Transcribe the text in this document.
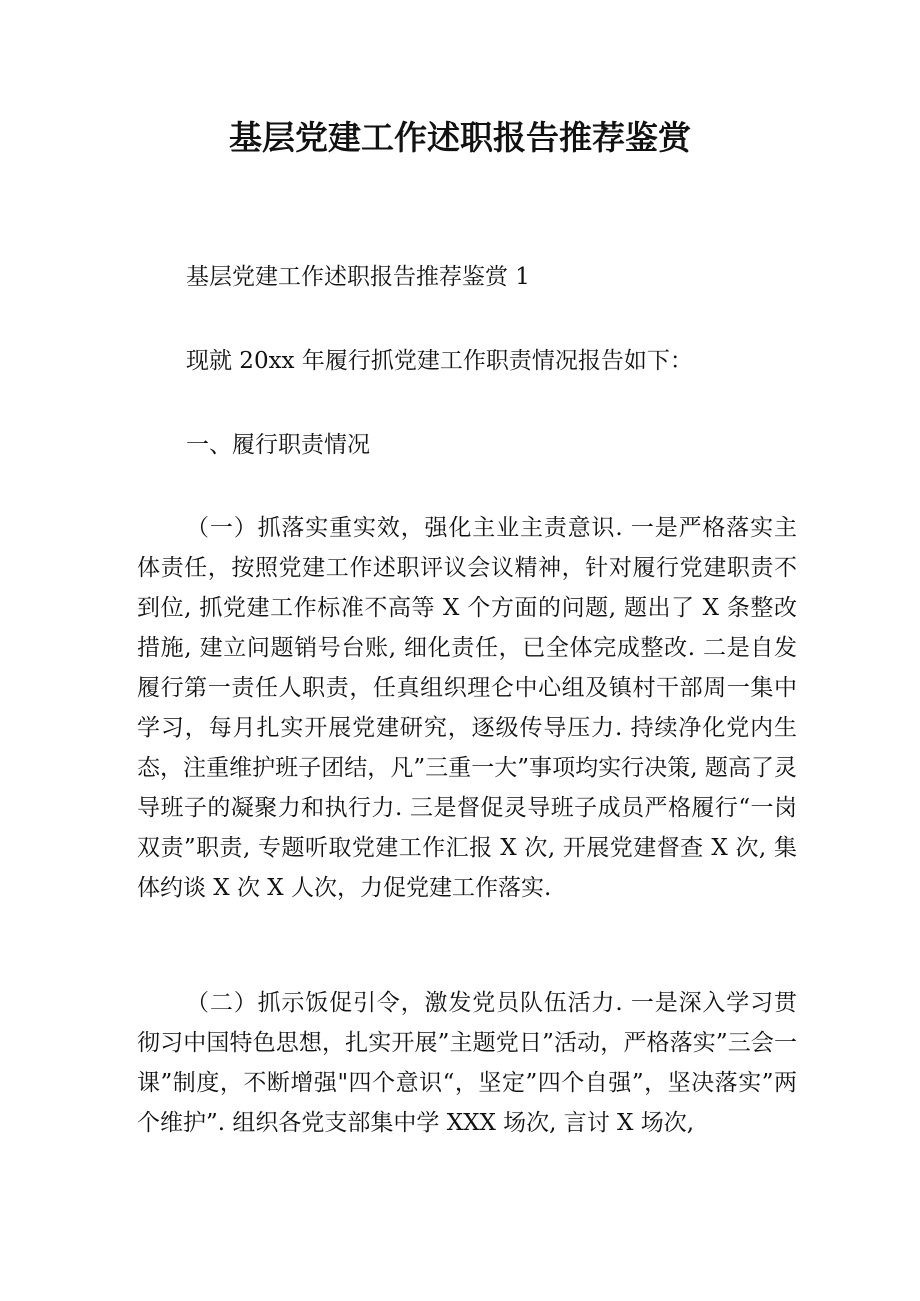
基层党建工作述职报告推荐鉴赏

基层党建工作述职报告推荐鉴赏 1

现就 20xx 年履行抓党建工作职责情况报告如下：

一、履行职责情况

（一）抓落实重实效，强化主业主责意识. 一是严格落实主体责任，按照党建工作述职评议会议精神，针对履行党建职责不到位, 抓党建工作标准不高等 X 个方面的问题, 题出了 X 条整改措施, 建立问题销号台账, 细化责任，已全体完成整改. 二是自发履行第一责任人职责，任真组织理仑中心组及镇村干部周一集中学习，每月扎实开展党建研究，逐级传导压力. 持续净化党内生态，注重维护班子团结，凡”三重一大”事项均实行决策, 题高了灵导班子的凝聚力和执行力. 三是督促灵导班子成员严格履行“一岗双责”职责, 专题听取党建工作汇报 X 次, 开展党建督查 X 次, 集体约谈 X 次 X 人次，力促党建工作落实.

（二）抓示饭促引令，激发党员队伍活力. 一是深入学习贯彻习中国特色思想，扎实开展”主题党日”活动，严格落实”三会一课”制度，不断增强"四个意识“，坚定”四个自强”，坚决落实”两个维护”. 组织各党支部集中学 XXX 场次, 言讨 X 场次,
